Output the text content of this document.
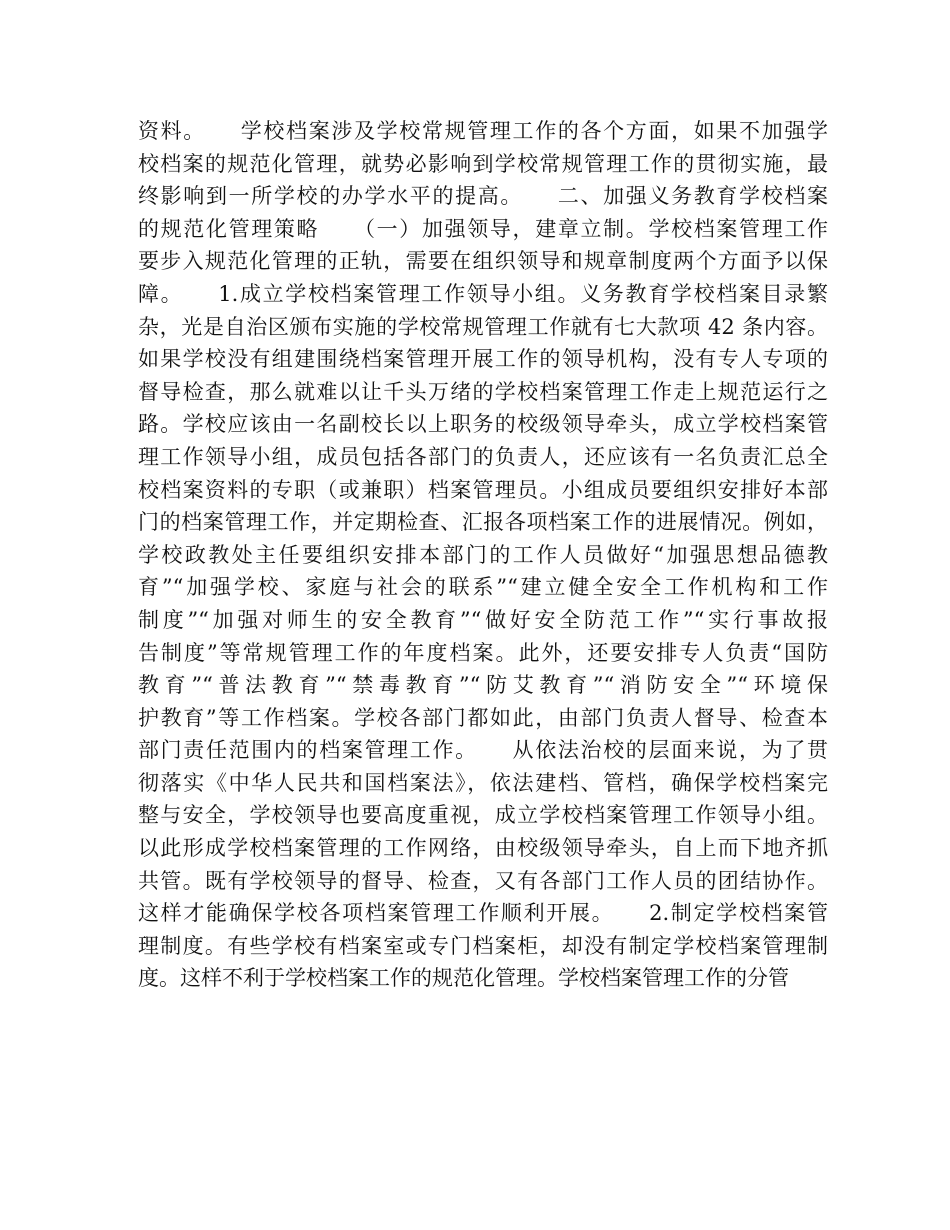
资料。　　学校档案涉及学校常规管理工作的各个方面，如果不加强学
校档案的规范化管理，就势必影响到学校常规管理工作的贯彻实施，最
终影响到一所学校的办学水平的提高。　　二、加强义务教育学校档案
的规范化管理策略　　（一）加强领导，建章立制。学校档案管理工作
要步入规范化管理的正轨，需要在组织领导和规章制度两个方面予以保
障。　　1.成立学校档案管理工作领导小组。义务教育学校档案目录繁
杂，光是自治区颁布实施的学校常规管理工作就有七大款项 42 条内容。
如果学校没有组建围绕档案管理开展工作的领导机构，没有专人专项的
督导检查，那么就难以让千头万绪的学校档案管理工作走上规范运行之
路。学校应该由一名副校长以上职务的校级领导牵头，成立学校档案管
理工作领导小组，成员包括各部门的负责人，还应该有一名负责汇总全
校档案资料的专职（或兼职）档案管理员。小组成员要组织安排好本部
门的档案管理工作，并定期检查、汇报各项档案工作的进展情况。例如，
学校政教处主任要组织安排本部门的工作人员做好“加强思想品德教
育”“加强学校、家庭与社会的联系”“建立健全安全工作机构和工作
制度”“加强对师生的安全教育”“做好安全防范工作”“实行事故报
告制度”等常规管理工作的年度档案。此外，还要安排专人负责“国防
教育”“普法教育”“禁毒教育”“防艾教育”“消防安全”“环境保
护教育”等工作档案。学校各部门都如此，由部门负责人督导、检查本
部门责任范围内的档案管理工作。　　从依法治校的层面来说，为了贯
彻落实《中华人民共和国档案法》，依法建档、管档，确保学校档案完
整与安全，学校领导也要高度重视，成立学校档案管理工作领导小组。
以此形成学校档案管理的工作网络，由校级领导牵头，自上而下地齐抓
共管。既有学校领导的督导、检查，又有各部门工作人员的团结协作。
这样才能确保学校各项档案管理工作顺利开展。　　2.制定学校档案管
理制度。有些学校有档案室或专门档案柜，却没有制定学校档案管理制
度。这样不利于学校档案工作的规范化管理。学校档案管理工作的分管
